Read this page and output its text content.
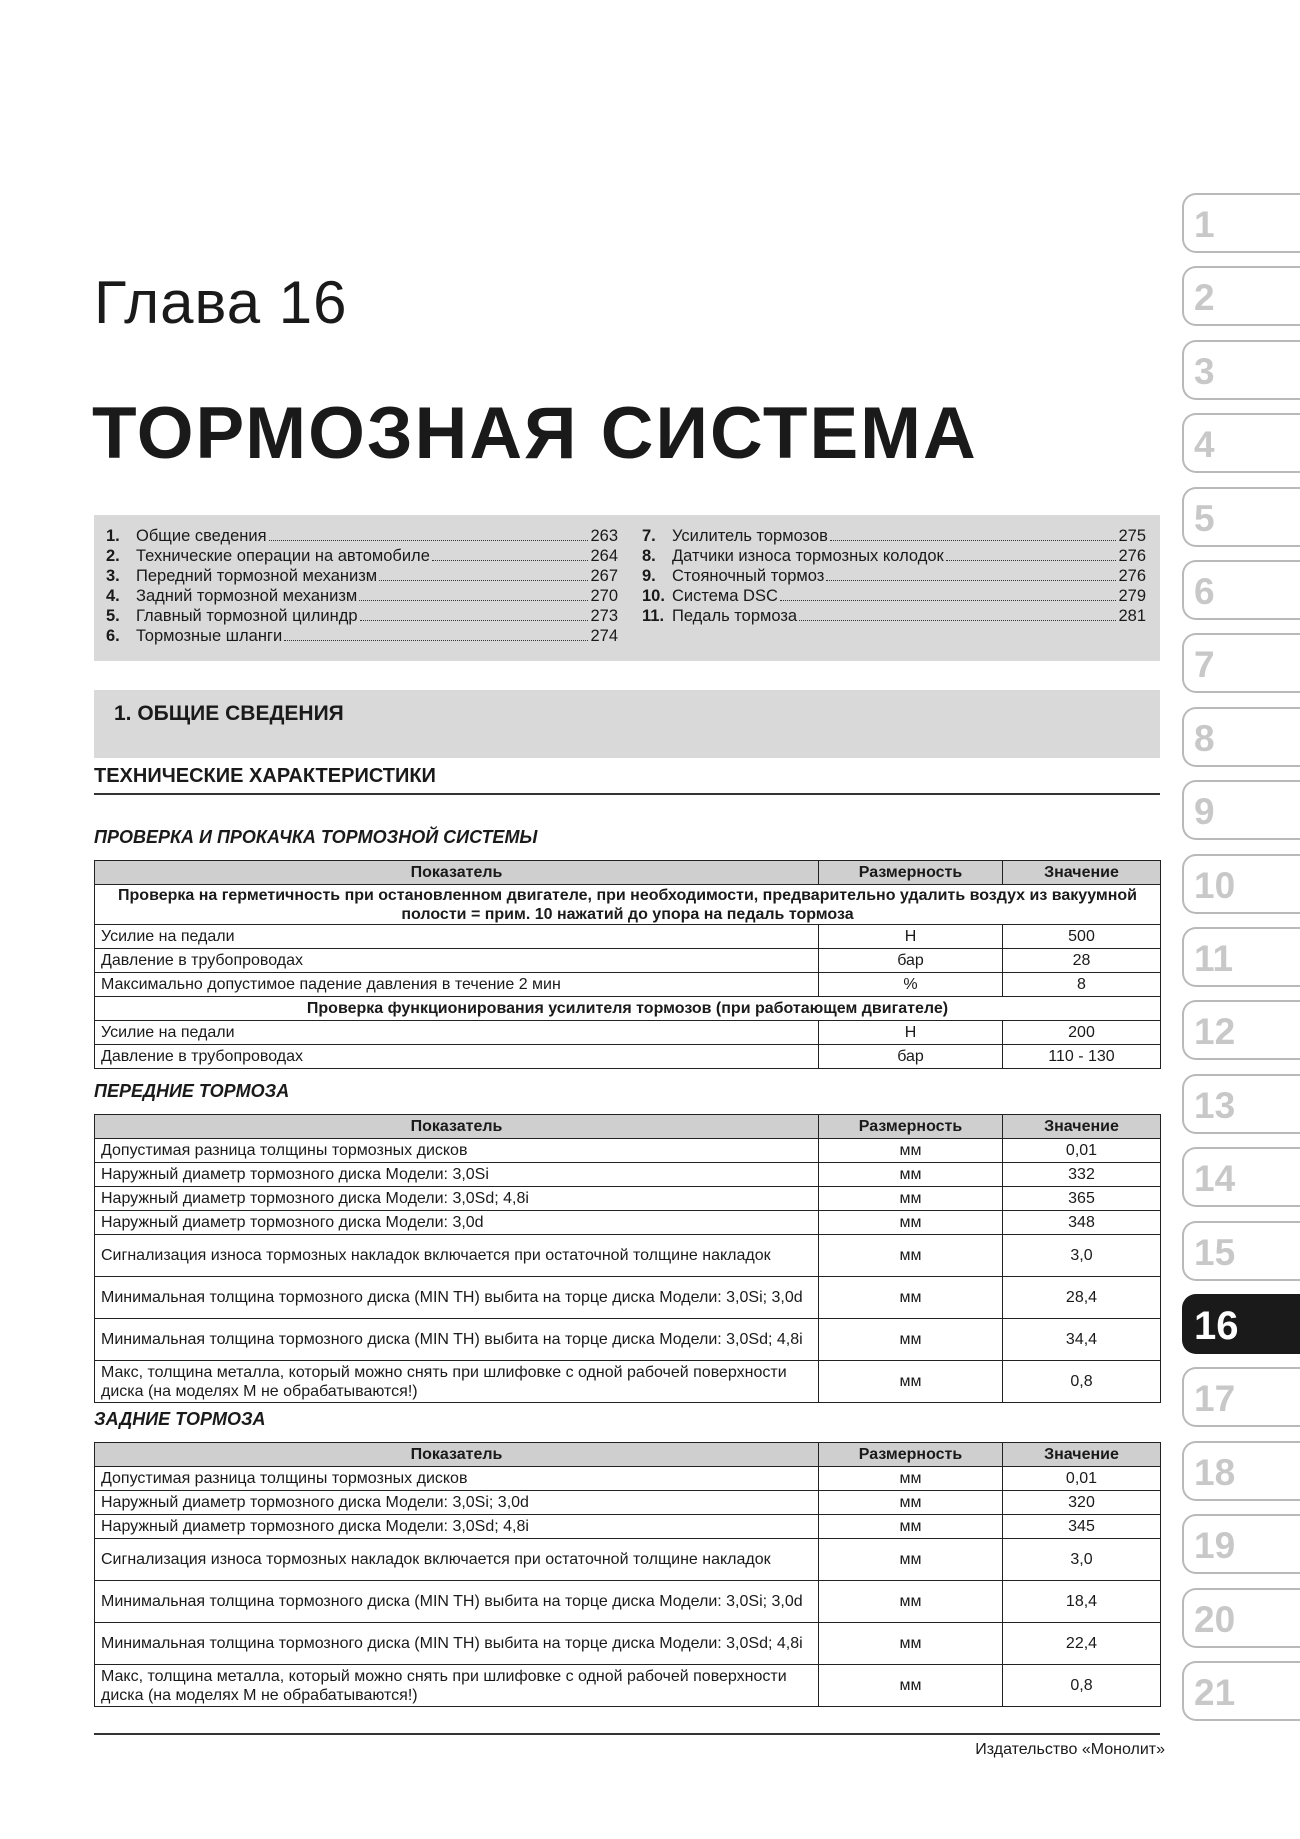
Глава 16
ТОРМОЗНАЯ СИСТЕМА
1. Общие сведения	263
2. Технические операции на автомобиле	264
3. Передний тормозной механизм	267
4. Задний тормозной механизм	270
5. Главный тормозной цилиндр	273
6. Тормозные шланги	274
7. Усилитель тормозов	275
8. Датчики износа тормозных колодок	276
9. Стояночный тормоз	276
10. Система DSC	279
11. Педаль тормоза	281
1. ОБЩИЕ СВЕДЕНИЯ
ТЕХНИЧЕСКИЕ ХАРАКТЕРИСТИКИ
ПРОВЕРКА И ПРОКАЧКА ТОРМОЗНОЙ СИСТЕМЫ
Показатель	Размерность	Значение
Проверка на герметичность при остановленном двигателе, при необходимости, предварительно удалить воздух из вакуумной полости = прим. 10 нажатий до упора на педаль тормоза		
Усилие на педали	Н	500
Давление в трубопроводах	бар	28
Максимально допустимое падение давления в течение 2 мин	%	8
Проверка функционирования усилителя тормозов (при работающем двигателе)		
Усилие на педали	Н	200
Давление в трубопроводах	бар	110 - 130
ПЕРЕДНИЕ ТОРМОЗА
Показатель	Размерность	Значение
Допустимая разница толщины тормозных дисков	мм	0,01
Наружный диаметр тормозного диска Модели: 3,0Si	мм	332
Наружный диаметр тормозного диска Модели: 3,0Sd; 4,8i	мм	365
Наружный диаметр тормозного диска Модели: 3,0d	мм	348
Сигнализация износа тормозных накладок включается при остаточной толщине накладок	мм	3,0
Минимальная толщина тормозного диска (MIN TH) выбита на торце диска Модели: 3,0Si; 3,0d	мм	28,4
Минимальная толщина тормозного диска (MIN TH) выбита на торце диска Модели: 3,0Sd; 4,8i	мм	34,4
Макс, толщина металла, который можно снять при шлифовке с одной рабочей поверхности диска (на моделях М не обрабатываются!)	мм	0,8
ЗАДНИЕ ТОРМОЗА
Показатель	Размерность	Значение
Допустимая разница толщины тормозных дисков	мм	0,01
Наружный диаметр тормозного диска Модели: 3,0Si; 3,0d	мм	320
Наружный диаметр тормозного диска Модели: 3,0Sd; 4,8i	мм	345
Сигнализация износа тормозных накладок включается при остаточной толщине накладок	мм	3,0
Минимальная толщина тормозного диска (MIN TH) выбита на торце диска Модели: 3,0Si; 3,0d	мм	18,4
Минимальная толщина тормозного диска (MIN TH) выбита на торце диска Модели: 3,0Sd; 4,8i	мм	22,4
Макс, толщина металла, который можно снять при шлифовке с одной рабочей поверхности диска (на моделях М не обрабатываются!)	мм	0,8
Издательство «Монолит»
1
2
3
4
5
6
7
8
9
10
11
12
13
14
15
16
17
18
19
20
21
